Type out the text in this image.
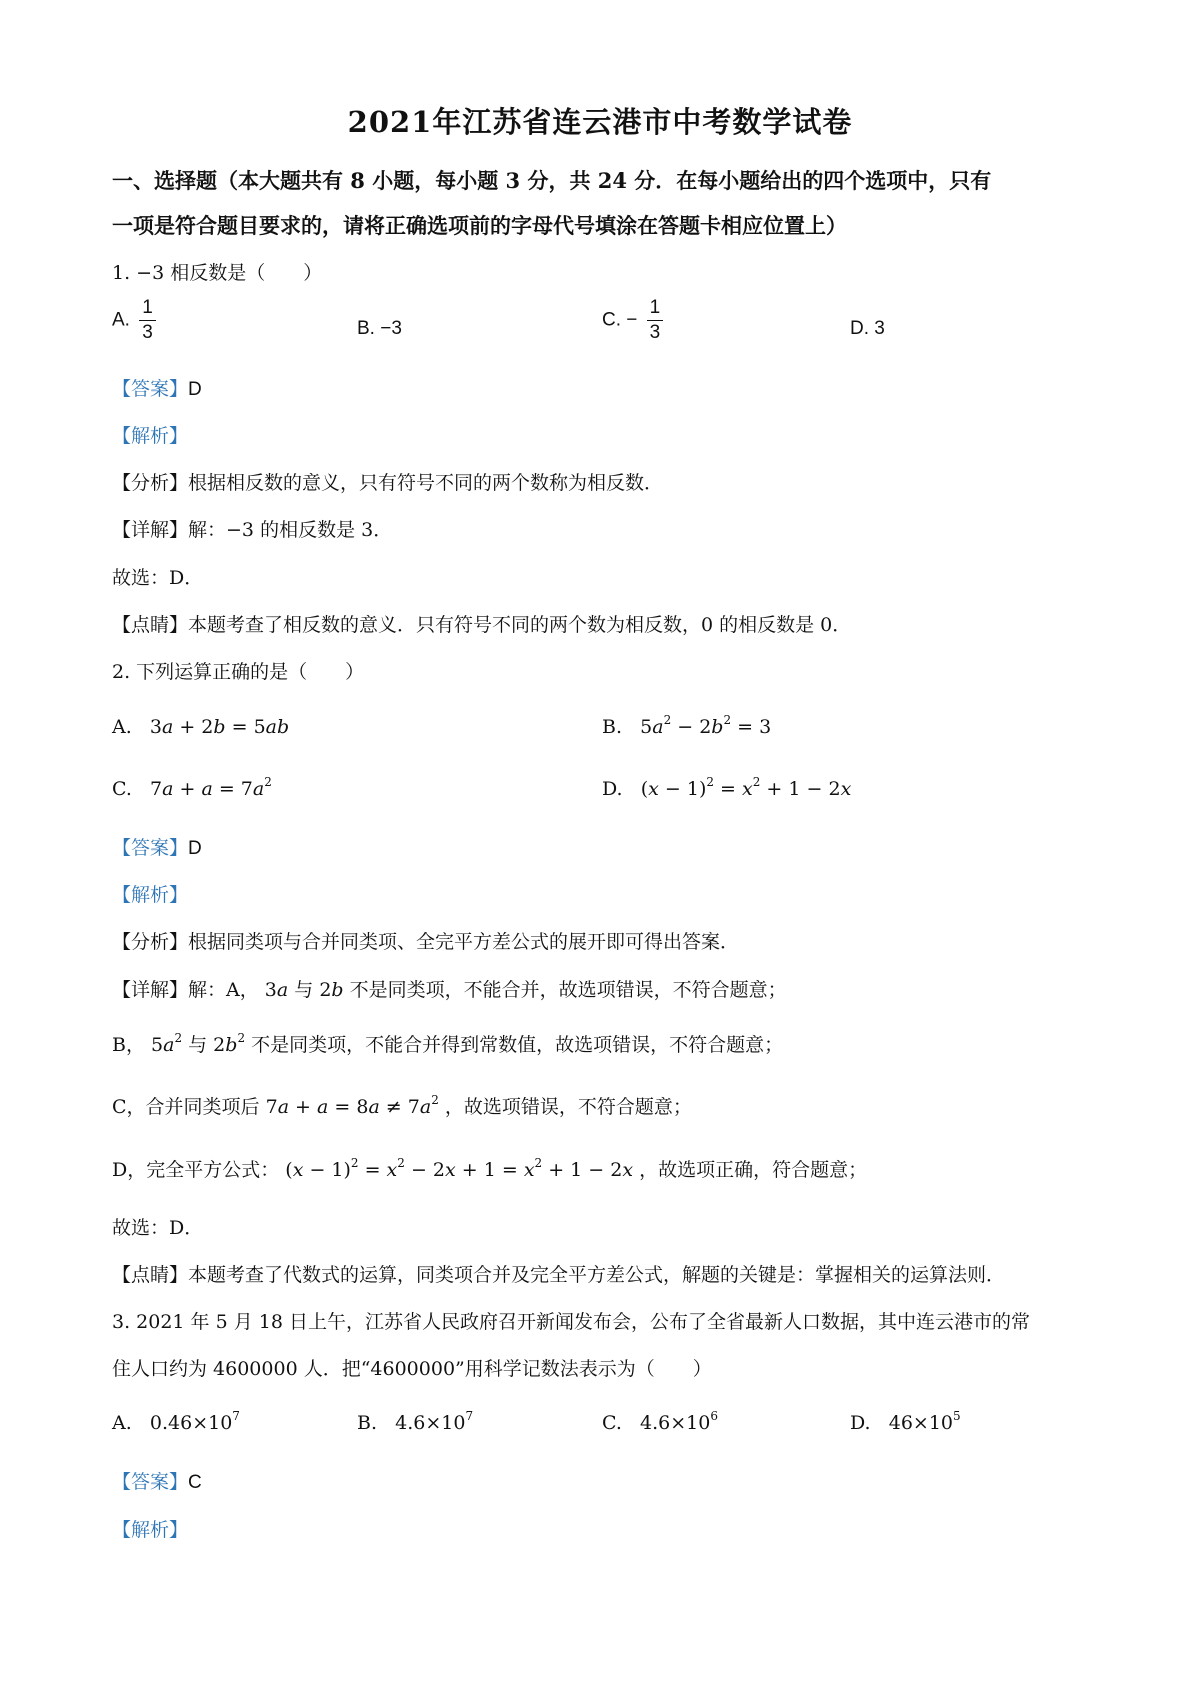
2021年江苏省连云港市中考数学试卷
一、选择题（本大题共有 8 小题，每小题 3 分，共 24 分．在每小题给出的四个选项中，只有
一项是符合题目要求的，请将正确选项前的字母代号填涂在答题卡相应位置上）
1. −3 相反数是（　　）
A. $\frac{1}{3}$	B. −3	C. − $\frac{1}{3}$	D. 3
【答案】D
【解析】
【分析】根据相反数的意义，只有符号不同的两个数称为相反数．
【详解】解：−3 的相反数是 3．
故选：D．
【点睛】本题考查了相反数的意义．只有符号不同的两个数为相反数，0 的相反数是 0．
2. 下列运算正确的是（　　）
A. 3a + 2b = 5ab	B. $5a^2 - 2b^2 = 3$
C. $7a + a = 7a^2$	D. $(x - 1)^2 = x^2 + 1 - 2x$
【答案】D
【解析】
【分析】根据同类项与合并同类项、全完平方差公式的展开即可得出答案．
【详解】解：A， 3a 与 2b 不是同类项，不能合并，故选项错误，不符合题意；
B， $5a^2$ 与 $2b^2$ 不是同类项，不能合并得到常数值，故选项错误，不符合题意；
C，合并同类项后 $7a + a = 8a \ne 7a^2$ ，故选项错误，不符合题意；
D，完全平方公式： $(x - 1)^2 = x^2 - 2x + 1 = x^2 + 1 - 2x$ ，故选项正确，符合题意；
故选：D．
【点睛】本题考查了代数式的运算，同类项合并及完全平方差公式，解题的关键是：掌握相关的运算法则．
3. 2021 年 5 月 18 日上午，江苏省人民政府召开新闻发布会，公布了全省最新人口数据，其中连云港市的常
住人口约为 4600000 人．把“4600000”用科学记数法表示为（　　）
A. $0.46\times 10^7$	B. $4.6\times 10^7$	C. $4.6\times 10^6$	D. $46\times 10^5$
【答案】C
【解析】
